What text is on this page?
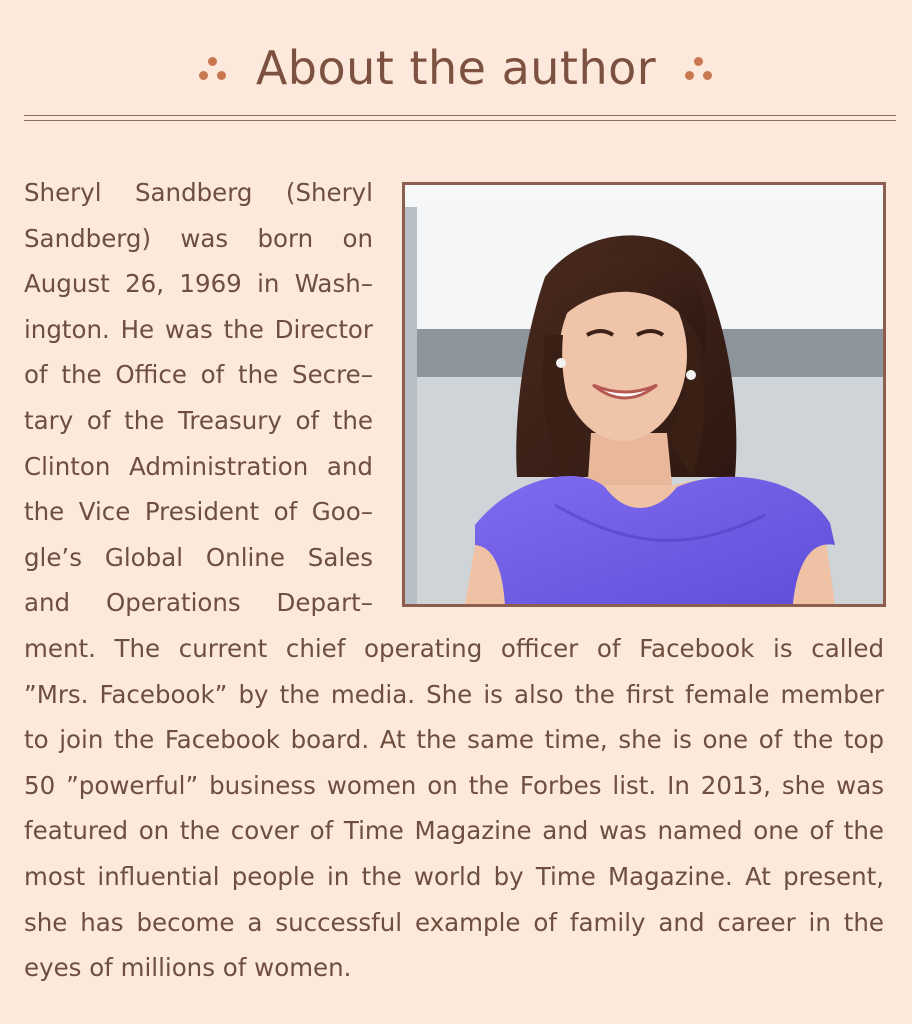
About the author
Sheryl Sandberg (Sheryl
Sandberg) was born on
August 26, 1969 in Wash–
ington. He was the Director
of the Office of the Secre–
tary of the Treasury of the
Clinton Administration and
the Vice President of Goo–
gle’s Global Online Sales
and Operations Depart–
ment. The current chief operating officer of Facebook is called
”Mrs. Facebook” by the media. She is also the first female member
to join the Facebook board. At the same time, she is one of the top
50 ”powerful” business women on the Forbes list. In 2013, she was
featured on the cover of Time Magazine and was named one of the
most influential people in the world by Time Magazine. At present,
she has become a successful example of family and career in the
eyes of millions of women.
